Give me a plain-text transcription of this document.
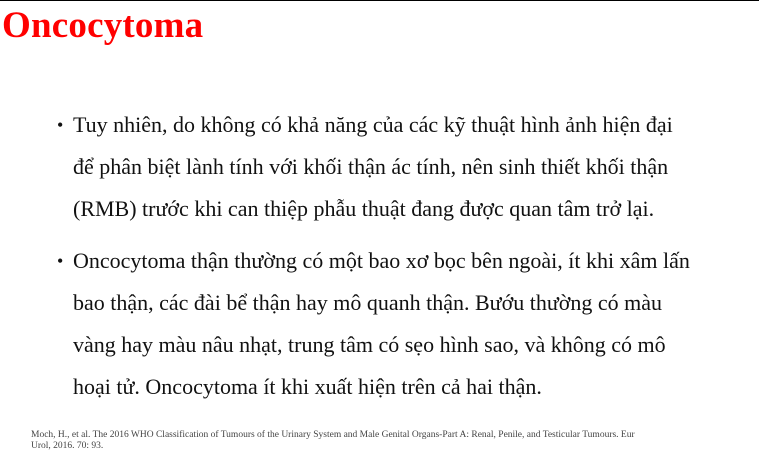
Oncocytoma
• Tuy nhiên, do không có khả năng của các kỹ thuật hình ảnh hiện đại
để phân biệt lành tính với khối thận ác tính, nên sinh thiết khối thận
(RMB) trước khi can thiệp phẫu thuật đang được quan tâm trở lại.
• Oncocytoma thận thường có một bao xơ bọc bên ngoài, ít khi xâm lấn
bao thận, các đài bể thận hay mô quanh thận. Bướu thường có màu
vàng hay màu nâu nhạt, trung tâm có sẹo hình sao, và không có mô
hoại tử. Oncocytoma ít khi xuất hiện trên cả hai thận.
Moch, H., et al. The 2016 WHO Classification of Tumours of the Urinary System and Male Genital Organs-Part A: Renal, Penile, and Testicular Tumours. Eur
Urol, 2016. 70: 93.
